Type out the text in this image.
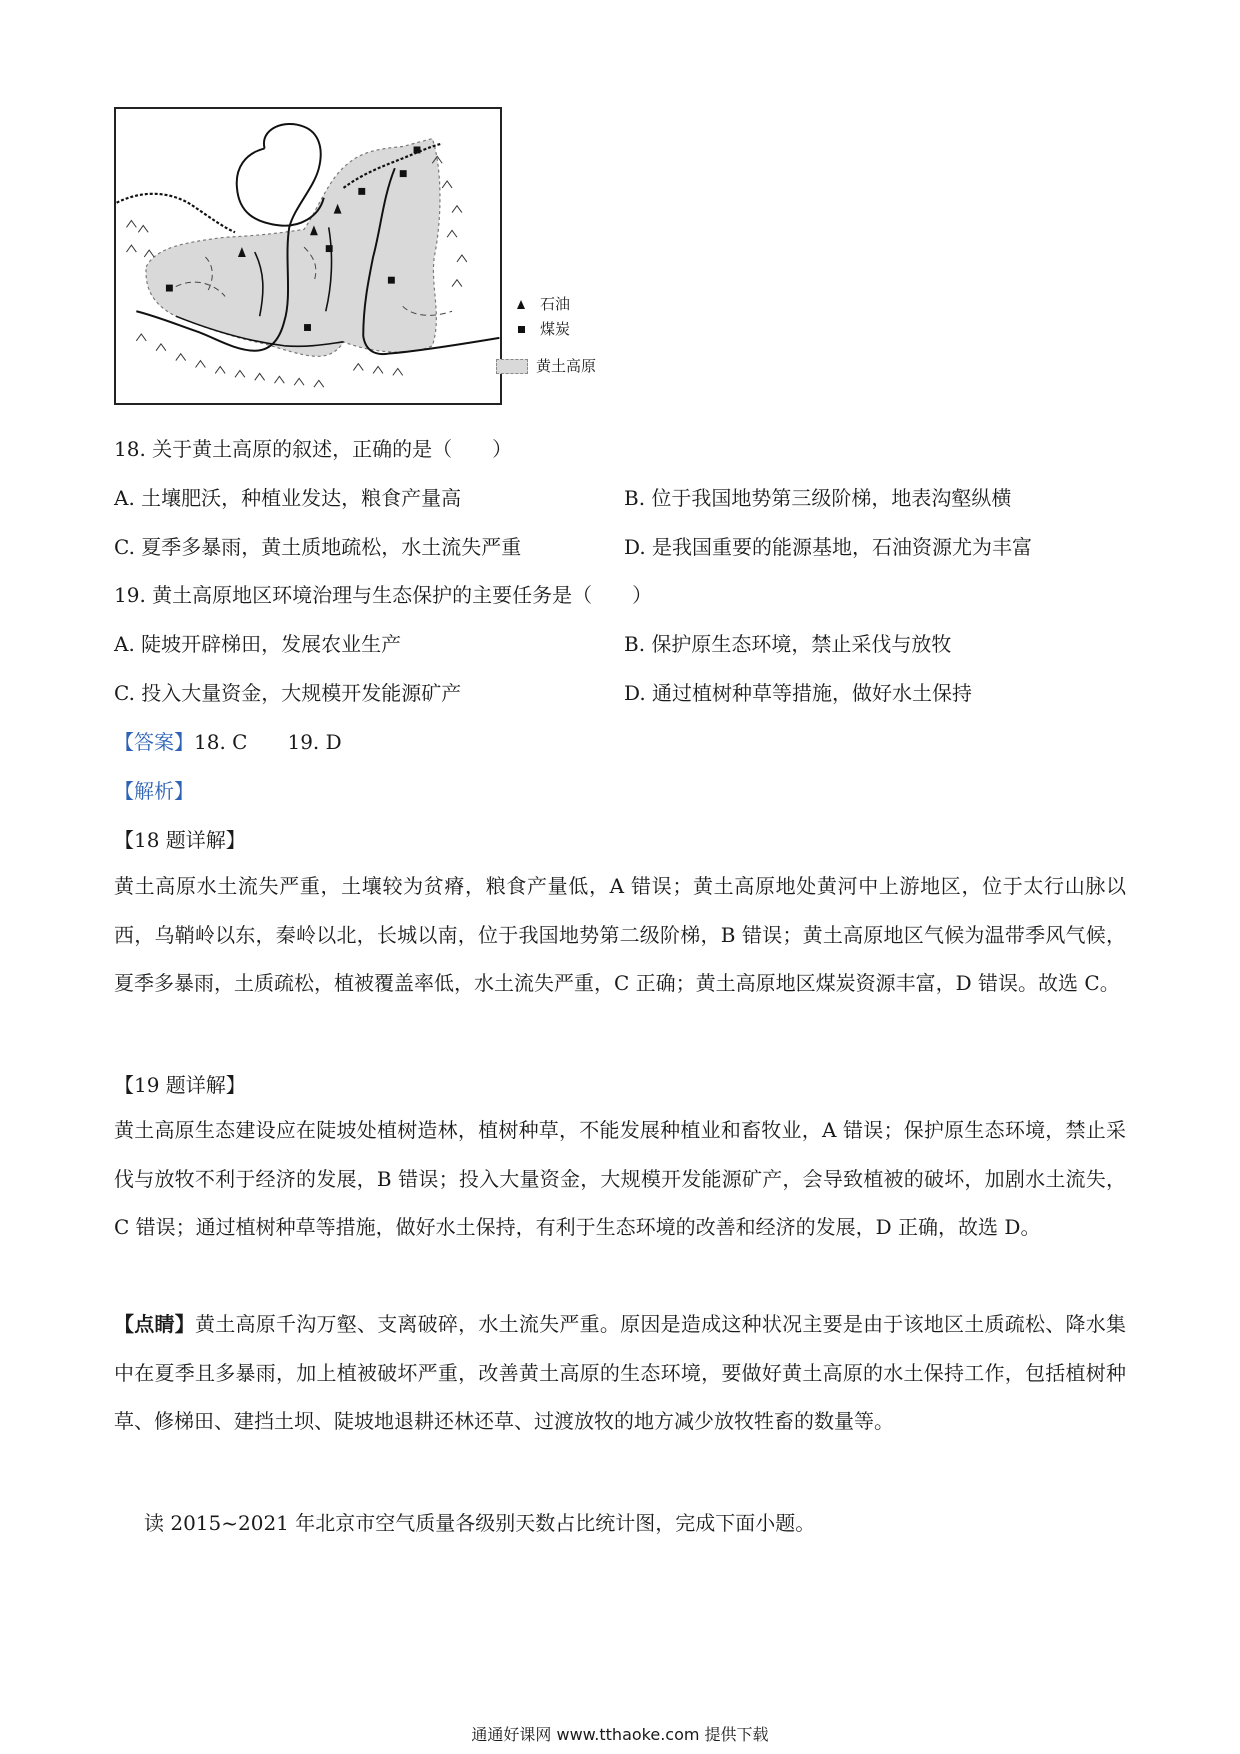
石油
煤炭
黄土高原
18. 关于黄土高原的叙述，正确的是（　　）
A. 土壤肥沃，种植业发达，粮食产量高	B. 位于我国地势第三级阶梯，地表沟壑纵横
C. 夏季多暴雨，黄土质地疏松，水土流失严重	D. 是我国重要的能源基地，石油资源尤为丰富
19. 黄土高原地区环境治理与生态保护的主要任务是（　　）
A. 陡坡开辟梯田，发展农业生产	B. 保护原生态环境，禁止采伐与放牧
C. 投入大量资金，大规模开发能源矿产	D. 通过植树种草等措施，做好水土保持
【答案】18. C　　19. D
【解析】
【18 题详解】
黄土高原水土流失严重，土壤较为贫瘠，粮食产量低，A 错误；黄土高原地处黄河中上游地区，位于太行山脉以西，乌鞘岭以东，秦岭以北，长城以南，位于我国地势第二级阶梯，B 错误；黄土高原地区气候为温带季风气候，夏季多暴雨，土质疏松，植被覆盖率低，水土流失严重，C 正确；黄土高原地区煤炭资源丰富，D 错误。故选 C。
【19 题详解】
黄土高原生态建设应在陡坡处植树造林，植树种草，不能发展种植业和畜牧业，A 错误；保护原生态环境，禁止采伐与放牧不利于经济的发展，B 错误；投入大量资金，大规模开发能源矿产，会导致植被的破坏，加剧水土流失，C 错误；通过植树种草等措施，做好水土保持，有利于生态环境的改善和经济的发展，D 正确，故选 D。
【点睛】黄土高原千沟万壑、支离破碎，水土流失严重。原因是造成这种状况主要是由于该地区土质疏松、降水集中在夏季且多暴雨，加上植被破坏严重，改善黄土高原的生态环境，要做好黄土高原的水土保持工作，包括植树种草、修梯田、建挡土坝、陡坡地退耕还林还草、过渡放牧的地方减少放牧牲畜的数量等。
读 2015~2021 年北京市空气质量各级别天数占比统计图，完成下面小题。
通通好课网 www.tthaoke.com 提供下载
